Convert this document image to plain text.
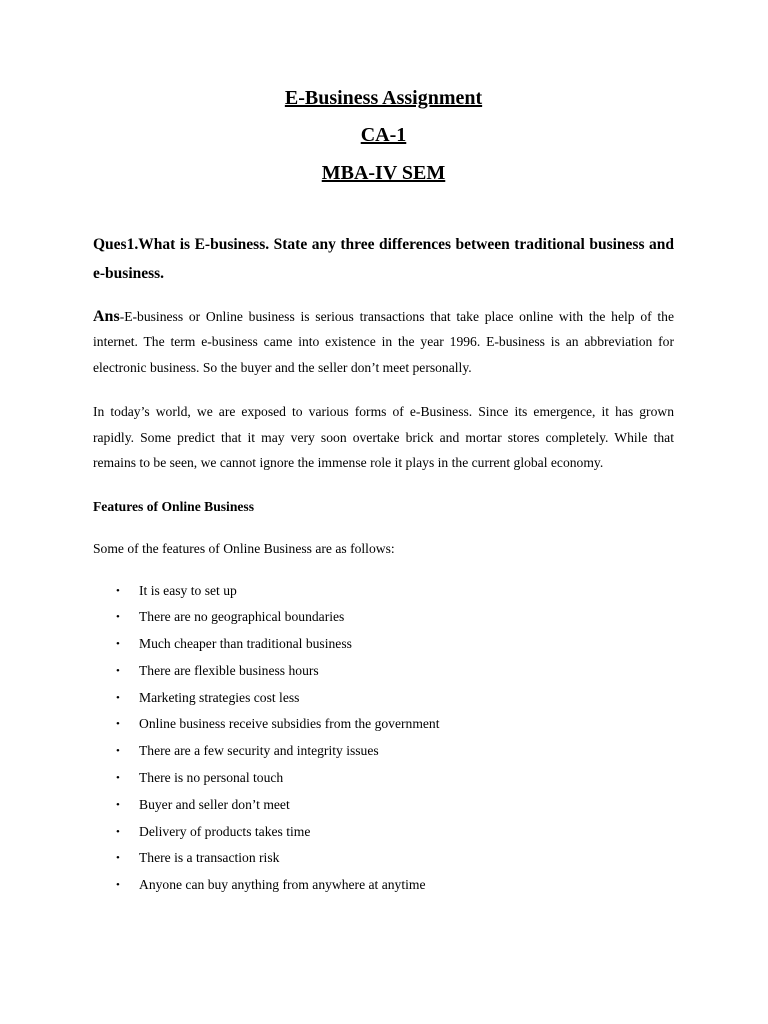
E-Business Assignment
CA-1
MBA-IV SEM

Ques1.What is E-business. State any three differences between traditional business and e-business.

Ans-E-business or Online business is serious transactions that take place online with the help of the internet. The term e-business came into existence in the year 1996. E-business is an abbreviation for electronic business. So the buyer and the seller don’t meet personally.

In today’s world, we are exposed to various forms of e-Business. Since its emergence, it has grown rapidly. Some predict that it may very soon overtake brick and mortar stores completely. While that remains to be seen, we cannot ignore the immense role it plays in the current global economy.

Features of Online Business
Some of the features of Online Business are as follows:
• It is easy to set up
• There are no geographical boundaries
• Much cheaper than traditional business
• There are flexible business hours
• Marketing strategies cost less
• Online business receive subsidies from the government
• There are a few security and integrity issues
• There is no personal touch
• Buyer and seller don’t meet
• Delivery of products takes time
• There is a transaction risk
• Anyone can buy anything from anywhere at anytime
